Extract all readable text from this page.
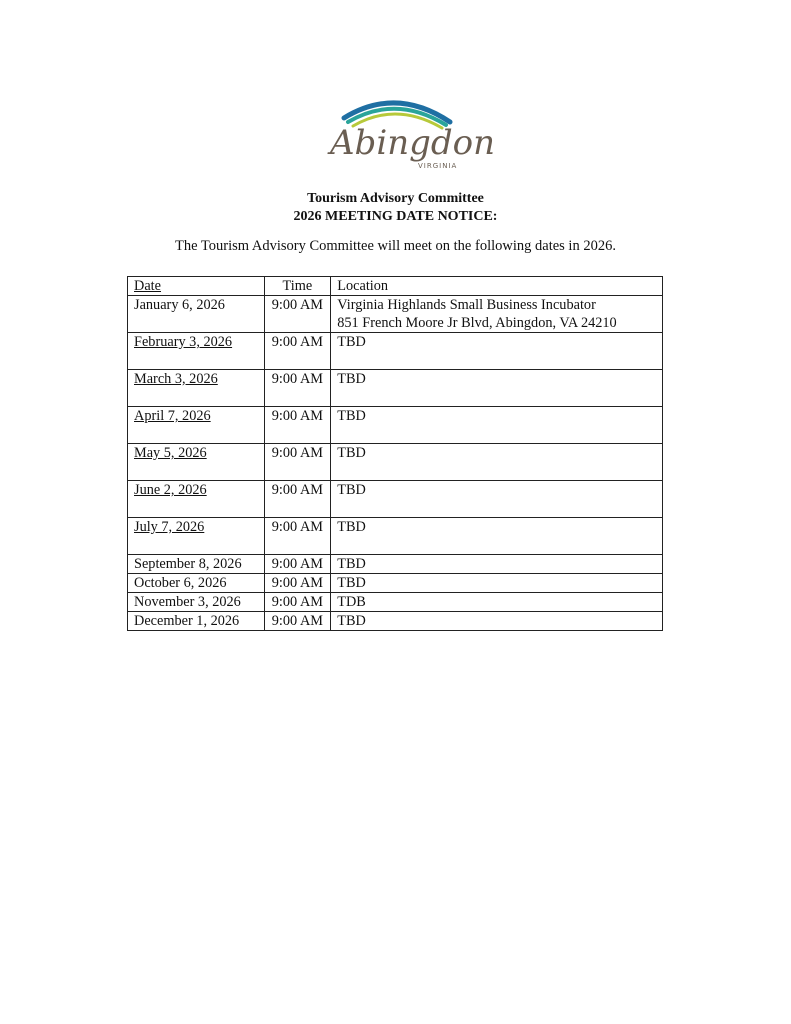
Abingdon
VIRGINIA
Tourism Advisory Committee
2026 MEETING DATE NOTICE:
The Tourism Advisory Committee will meet on the following dates in 2026.
Date	Time	Location
January 6, 2026	9:00 AM	Virginia Highlands Small Business Incubator
851 French Moore Jr Blvd, Abingdon, VA 24210

February 3, 2026	9:00 AM	TBD
March 3, 2026	9:00 AM	TBD
April 7, 2026	9:00 AM	TBD
May 5, 2026	9:00 AM	TBD
June 2, 2026	9:00 AM	TBD
July 7, 2026	9:00 AM	TBD
September 8, 2026	9:00 AM	TBD
October 6, 2026	9:00 AM	TBD
November 3, 2026	9:00 AM	TDB
December 1, 2026	9:00 AM	TBD
